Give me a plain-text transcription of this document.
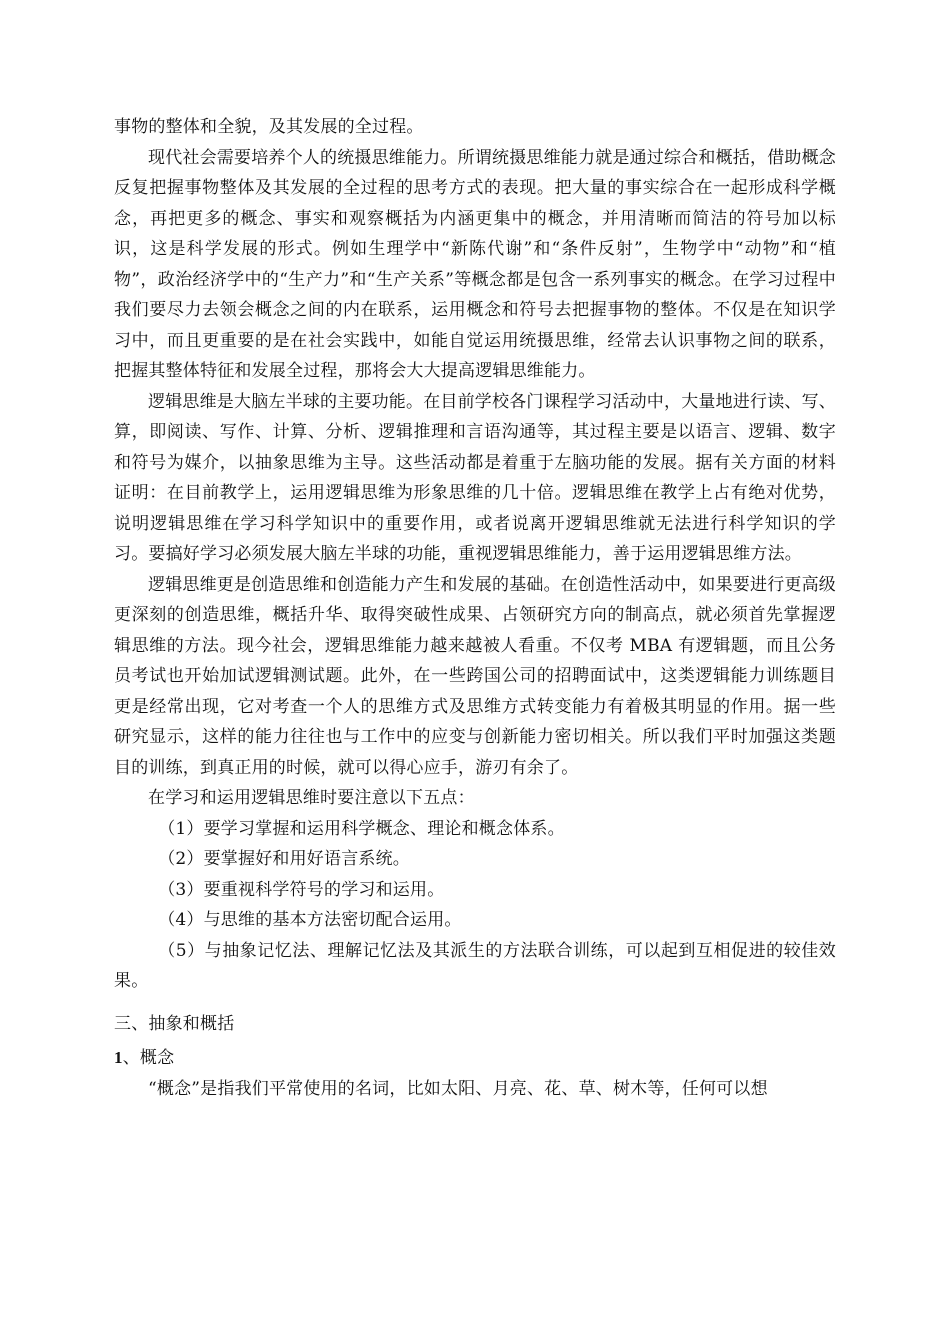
事物的整体和全貌，及其发展的全过程。

现代社会需要培养个人的统摄思维能力。所谓统摄思维能力就是通过综合和概括，借助概念反复把握事物整体及其发展的全过程的思考方式的表现。把大量的事实综合在一起形成科学概念，再把更多的概念、事实和观察概括为内涵更集中的概念，并用清晰而简洁的符号加以标识，这是科学发展的形式。例如生理学中“新陈代谢”和“条件反射”，生物学中“动物”和“植物”，政治经济学中的“生产力”和“生产关系”等概念都是包含一系列事实的概念。在学习过程中我们要尽力去领会概念之间的内在联系，运用概念和符号去把握事物的整体。不仅是在知识学习中，而且更重要的是在社会实践中，如能自觉运用统摄思维，经常去认识事物之间的联系，把握其整体特征和发展全过程，那将会大大提高逻辑思维能力。

逻辑思维是大脑左半球的主要功能。在目前学校各门课程学习活动中，大量地进行读、写、算，即阅读、写作、计算、分析、逻辑推理和言语沟通等，其过程主要是以语言、逻辑、数字和符号为媒介，以抽象思维为主导。这些活动都是着重于左脑功能的发展。据有关方面的材料证明：在目前教学上，运用逻辑思维为形象思维的几十倍。逻辑思维在教学上占有绝对优势，说明逻辑思维在学习科学知识中的重要作用，或者说离开逻辑思维就无法进行科学知识的学习。要搞好学习必须发展大脑左半球的功能，重视逻辑思维能力，善于运用逻辑思维方法。

逻辑思维更是创造思维和创造能力产生和发展的基础。在创造性活动中，如果要进行更高级更深刻的创造思维，概括升华、取得突破性成果、占领研究方向的制高点，就必须首先掌握逻辑思维的方法。现今社会，逻辑思维能力越来越被人看重。不仅考 MBA 有逻辑题，而且公务员考试也开始加试逻辑测试题。此外，在一些跨国公司的招聘面试中，这类逻辑能力训练题目更是经常出现，它对考查一个人的思维方式及思维方式转变能力有着极其明显的作用。据一些研究显示，这样的能力往往也与工作中的应变与创新能力密切相关。所以我们平时加强这类题目的训练，到真正用的时候，就可以得心应手，游刃有余了。

在学习和运用逻辑思维时要注意以下五点：

（1）要学习掌握和运用科学概念、理论和概念体系。

（2）要掌握好和用好语言系统。

（3）要重视科学符号的学习和运用。

（4）与思维的基本方法密切配合运用。

（5）与抽象记忆法、理解记忆法及其派生的方法联合训练，可以起到互相促进的较佳效果。

三、抽象和概括

1、概念

“概念”是指我们平常使用的名词，比如太阳、月亮、花、草、树木等，任何可以想
